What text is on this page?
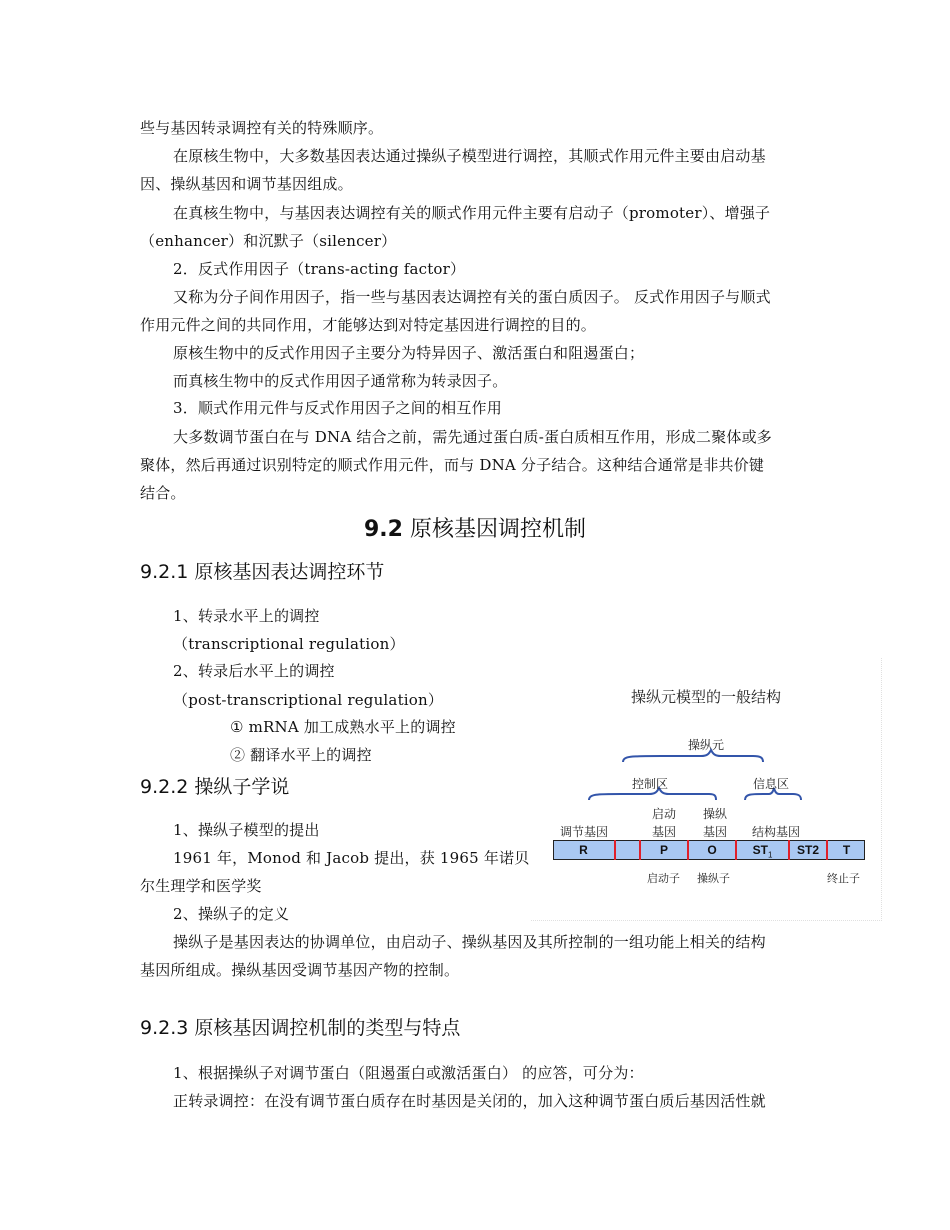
些与基因转录调控有关的特殊顺序。
在原核生物中，大多数基因表达通过操纵子模型进行调控，其顺式作用元件主要由启动基
因、操纵基因和调节基因组成。
在真核生物中，与基因表达调控有关的顺式作用元件主要有启动子（promoter）、增强子
（enhancer）和沉默子（silencer）
2．反式作用因子（trans-acting factor）
又称为分子间作用因子，指一些与基因表达调控有关的蛋白质因子。 反式作用因子与顺式
作用元件之间的共同作用，才能够达到对特定基因进行调控的目的。
原核生物中的反式作用因子主要分为特异因子、激活蛋白和阻遏蛋白；
而真核生物中的反式作用因子通常称为转录因子。
3．顺式作用元件与反式作用因子之间的相互作用
大多数调节蛋白在与 DNA 结合之前，需先通过蛋白质-蛋白质相互作用，形成二聚体或多
聚体，然后再通过识别特定的顺式作用元件，而与 DNA 分子结合。这种结合通常是非共价键
结合。
9.2 原核基因调控机制
9.2.1 原核基因表达调控环节
1、转录水平上的调控
（transcriptional regulation）
2、转录后水平上的调控
（post-transcriptional regulation）
① mRNA 加工成熟水平上的调控
② 翻译水平上的调控
9.2.2 操纵子学说
1、操纵子模型的提出
1961 年，Monod 和 Jacob 提出，获 1965 年诺贝
尔生理学和医学奖
2、操纵子的定义
操纵子是基因表达的协调单位，由启动子、操纵基因及其所控制的一组功能上相关的结构
基因所组成。操纵基因受调节基因产物的控制。
9.2.3 原核基因调控机制的类型与特点
1、根据操纵子对调节蛋白（阻遏蛋白或激活蛋白） 的应答，可分为：
正转录调控：在没有调节蛋白质存在时基因是关闭的，加入这种调节蛋白质后基因活性就
操纵元模型的一般结构
操纵元
控制区	信息区
启动 操纵
调节基因	基因 基因 结构基因
R	P	O	$ST_1$	ST2	T
启动子 操纵子	终止子
